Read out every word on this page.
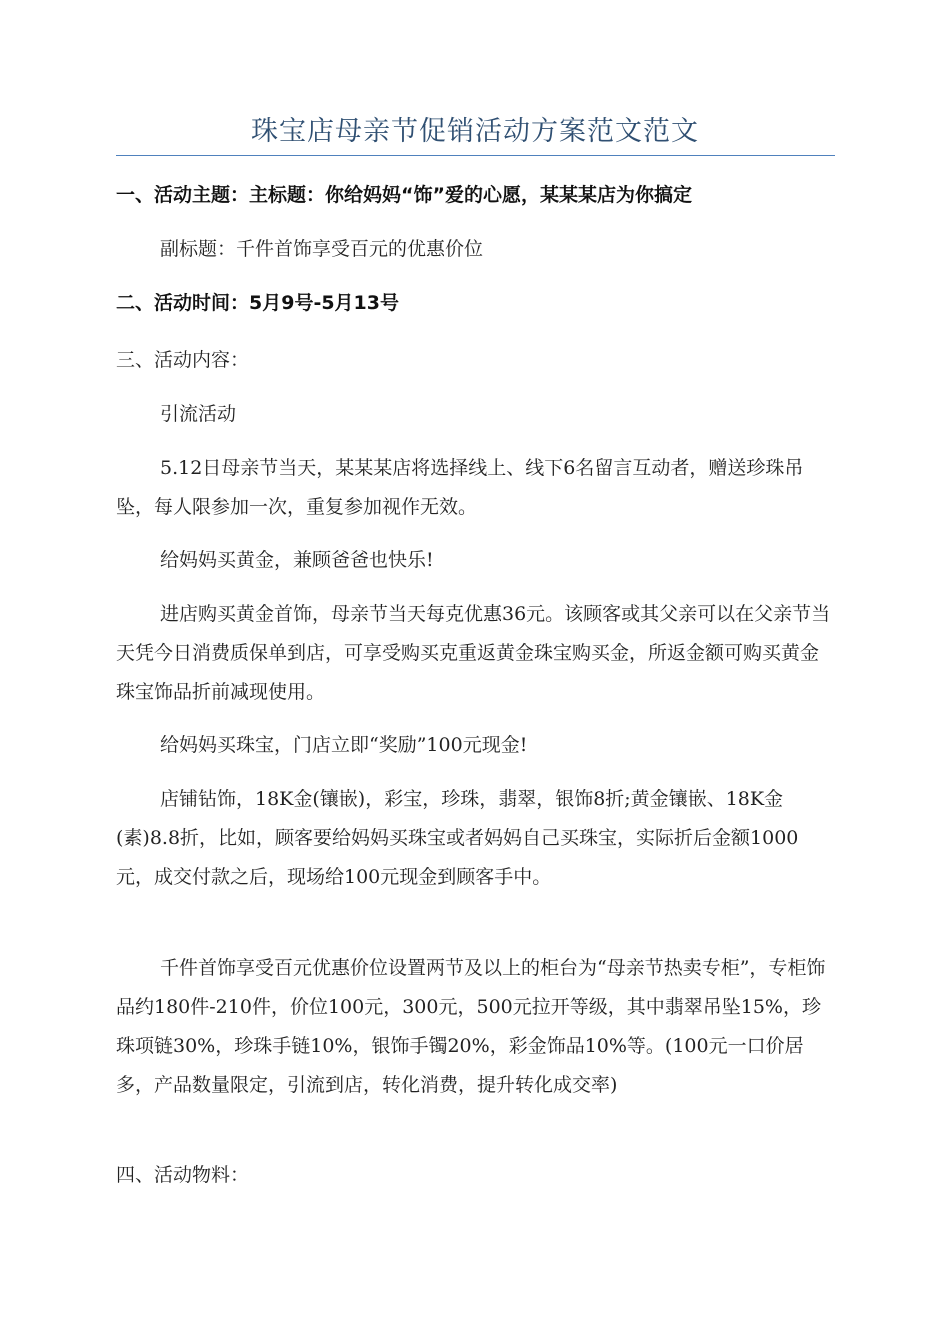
珠宝店母亲节促销活动方案范文范文

一、活动主题：主标题：你给妈妈“饰”爱的心愿，某某某店为你搞定

副标题：千件首饰享受百元的优惠价位

二、活动时间：5月9号-5月13号

三、活动内容：

引流活动

5.12日母亲节当天，某某某店将选择线上、线下6名留言互动者，赠送珍珠吊坠，每人限参加一次，重复参加视作无效。

给妈妈买黄金，兼顾爸爸也快乐!

进店购买黄金首饰，母亲节当天每克优惠36元。该顾客或其父亲可以在父亲节当天凭今日消费质保单到店，可享受购买克重返黄金珠宝购买金，所返金额可购买黄金珠宝饰品折前减现使用。

给妈妈买珠宝，门店立即“奖励”100元现金!

店铺钻饰，18K金(镶嵌)，彩宝，珍珠，翡翠，银饰8折;黄金镶嵌、18K金(素)8.8折，比如，顾客要给妈妈买珠宝或者妈妈自己买珠宝，实际折后金额1000元，成交付款之后，现场给100元现金到顾客手中。

千件首饰享受百元优惠价位设置两节及以上的柜台为“母亲节热卖专柜”，专柜饰品约180件-210件，价位100元，300元，500元拉开等级，其中翡翠吊坠15%，珍珠项链30%，珍珠手链10%，银饰手镯20%，彩金饰品10%等。(100元一口价居多，产品数量限定，引流到店，转化消费，提升转化成交率)

四、活动物料：
